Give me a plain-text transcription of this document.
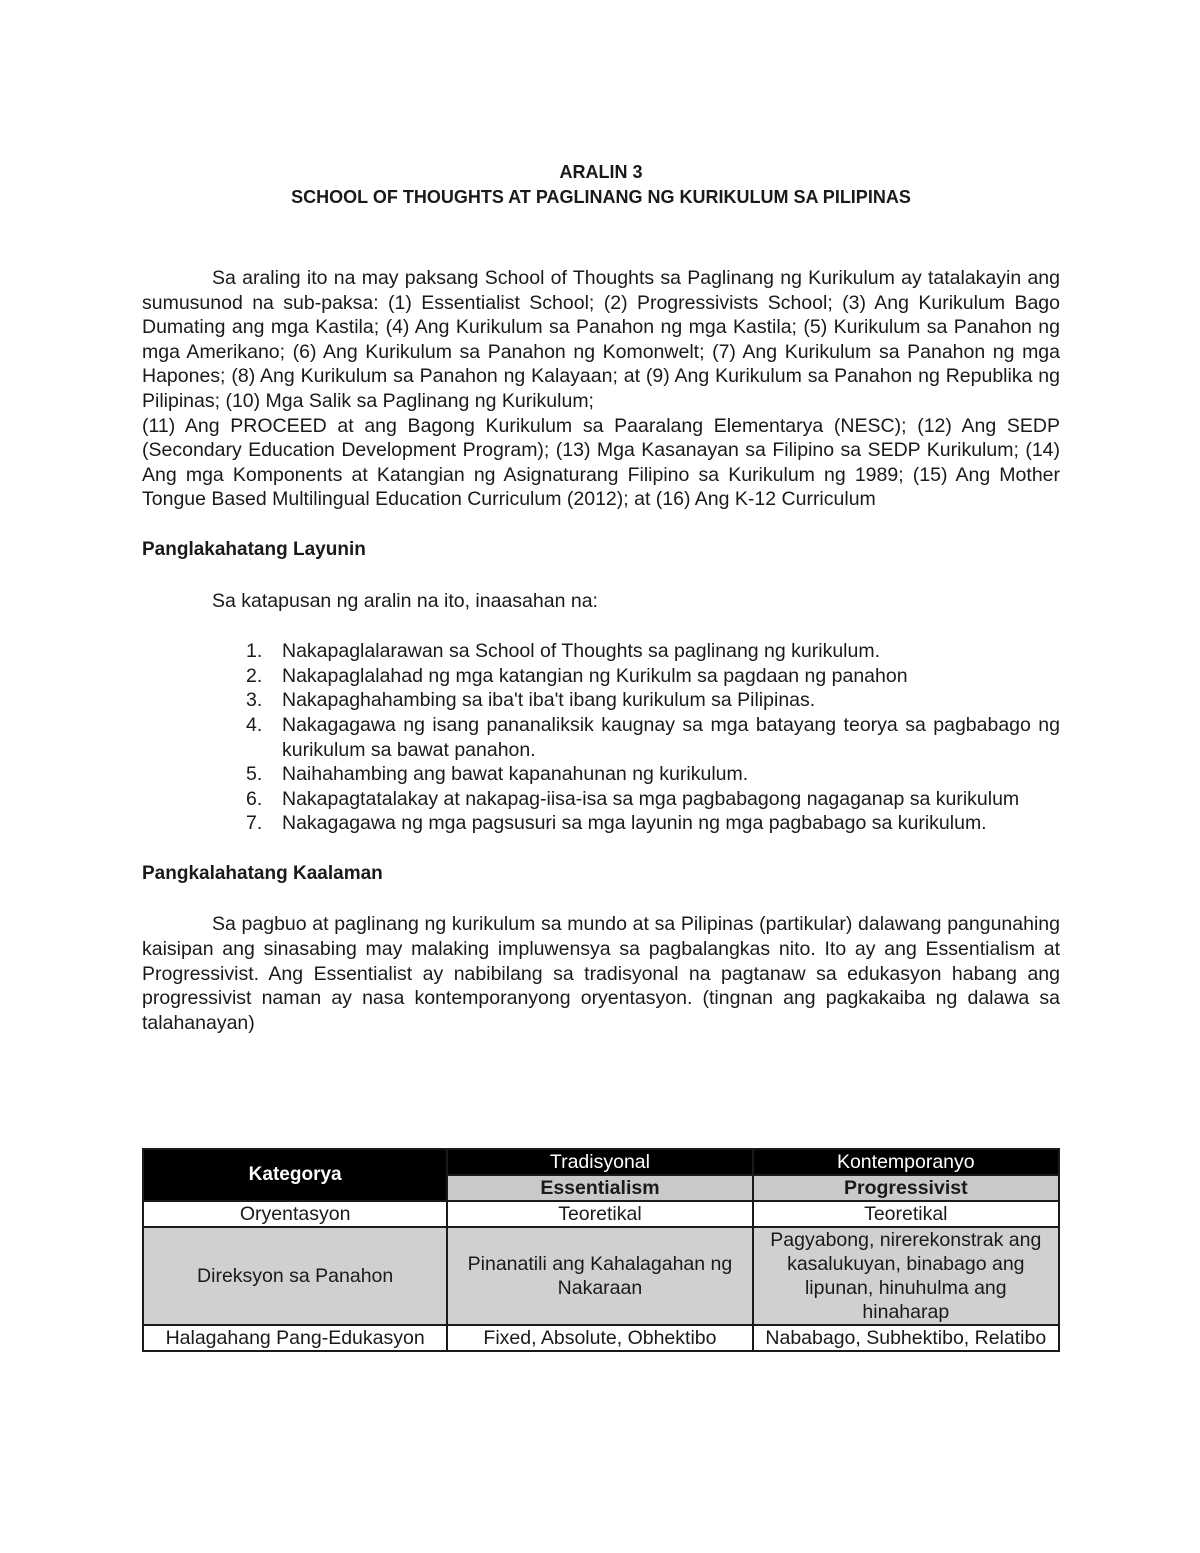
ARALIN 3
SCHOOL OF THOUGHTS AT PAGLINANG NG KURIKULUM SA PILIPINAS

Sa araling ito na may paksang School of Thoughts sa Paglinang ng Kurikulum ay tatalakayin ang sumusunod na sub-paksa: (1) Essentialist School; (2) Progressivists School; (3) Ang Kurikulum Bago Dumating ang mga Kastila; (4) Ang Kurikulum sa Panahon ng mga Kastila; (5) Kurikulum sa Panahon ng mga Amerikano; (6) Ang Kurikulum sa Panahon ng Komonwelt; (7) Ang Kurikulum sa Panahon ng mga Hapones; (8) Ang Kurikulum sa Panahon ng Kalayaan; at (9) Ang Kurikulum sa Panahon ng Republika ng Pilipinas; (10) Mga Salik sa Paglinang ng Kurikulum;

(11) Ang PROCEED at ang Bagong Kurikulum sa Paaralang Elementarya (NESC); (12) Ang SEDP (Secondary Education Development Program); (13) Mga Kasanayan sa Filipino sa SEDP Kurikulum; (14) Ang mga Komponents at Katangian ng Asignaturang Filipino sa Kurikulum ng 1989; (15) Ang Mother Tongue Based Multilingual Education Curriculum (2012); at (16) Ang K-12 Curriculum

Panglakahatang Layunin

Sa katapusan ng aralin na ito, inaasahan na:

1. Nakapaglalarawan sa School of Thoughts sa paglinang ng kurikulum.
2. Nakapaglalahad ng mga katangian ng Kurikulm sa pagdaan ng panahon
3. Nakapaghahambing sa iba't iba't ibang kurikulum sa Pilipinas.
4. Nakagagawa ng isang pananaliksik kaugnay sa mga batayang teorya sa pagbabago ng kurikulum sa bawat panahon.
5. Naihahambing ang bawat kapanahunan ng kurikulum.
6. Nakapagtatalakay at nakapag-iisa-isa sa mga pagbabagong nagaganap sa kurikulum
7. Nakagagawa ng mga pagsusuri sa mga layunin ng mga pagbabago sa kurikulum.

Pangkalahatang Kaalaman

Sa pagbuo at paglinang ng kurikulum sa mundo at sa Pilipinas (partikular) dalawang pangunahing kaisipan ang sinasabing may malaking impluwensya sa pagbalangkas nito. Ito ay ang Essentialism at Progressivist. Ang Essentialist ay nabibilang sa tradisyonal na pagtanaw sa edukasyon habang ang progressivist naman ay nasa kontemporanyong oryentasyon. (tingnan ang pagkakaiba ng dalawa sa talahanayan)

Kategorya	Tradisyonal	Kontemporanyo
	Essentialism	Progressivist
Oryentasyon	Teoretikal	Teoretikal
Direksyon sa Panahon	Pinanatili ang Kahalagahan ng Nakaraan	Pagyabong, nirerekonstrak ang kasalukuyan, binabago ang lipunan, hinuhulma ang hinaharap
Halagahang Pang-Edukasyon	Fixed, Absolute, Obhektibo	Nababago, Subhektibo, Relatibo
